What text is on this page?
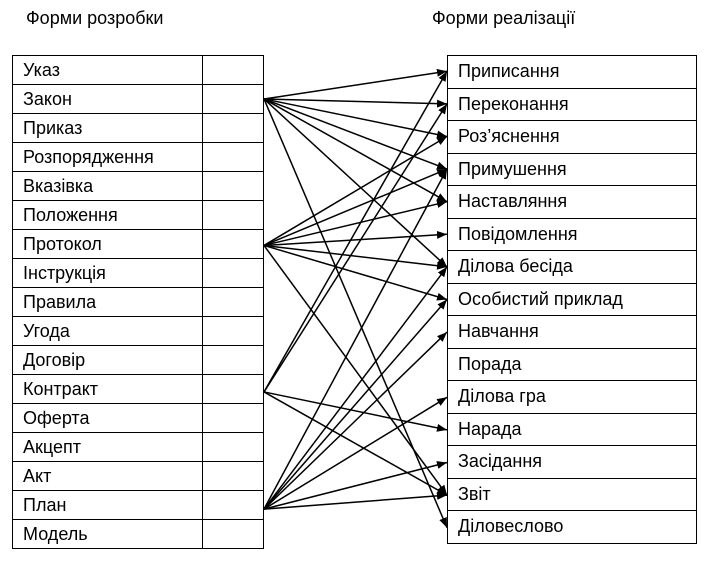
Форми розробки	Форми реалізації
Указ	
Закон	
Приказ	
Розпорядження	
Вказівка	
Положення	
Протокол	
Інструкція	
Правила	
Угода	
Договір	
Контракт	
Оферта	
Акцепт	
Акт	
План	
Модель	
Приписання
Переконання
Роз’яснення
Примушення
Наставляння
Повідомлення
Ділова бесіда
Особистий приклад
Навчання
Порада
Ділова гра
Нарада
Засідання
Звіт
Діловеслово
